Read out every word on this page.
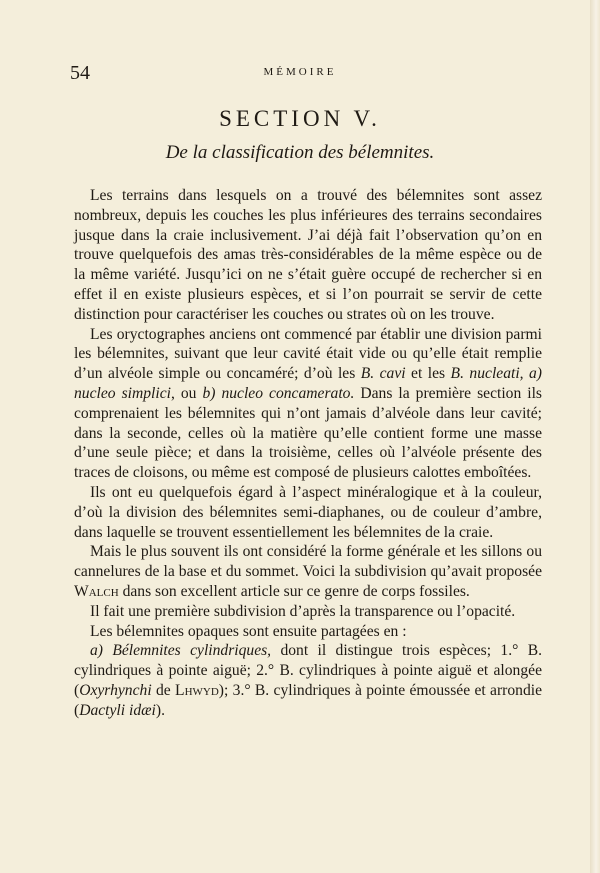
54	MÉMOIRE
SECTION V.
De la classification des bélemnites.

Les terrains dans lesquels on a trouvé des bélemnites sont assez nombreux, depuis les couches les plus inférieures des terrains secondaires jusque dans la craie inclusivement. J’ai déjà fait l’observation qu’on en trouve quelquefois des amas très-considérables de la même espèce ou de la même variété. Jusqu’ici on ne s’était guère occupé de rechercher si en effet il en existe plusieurs espèces, et si l’on pourrait se servir de cette distinction pour caractériser les couches ou strates où on les trouve.

Les oryctographes anciens ont commencé par établir une division parmi les bélemnites, suivant que leur cavité était vide ou qu’elle était remplie d’un alvéole simple ou concaméré; d’où les B. cavi et les B. nucleati, a) nucleo simplici, ou b) nucleo concamerato. Dans la première section ils comprenaient les bélemnites qui n’ont jamais d’alvéole dans leur cavité; dans la seconde, celles où la matière qu’elle contient forme une masse d’une seule pièce; et dans la troisième, celles où l’alvéole présente des traces de cloisons, ou même est composé de plusieurs calottes emboîtées.

Ils ont eu quelquefois égard à l’aspect minéralogique et à la couleur, d’où la division des bélemnites semi-diaphanes, ou de couleur d’ambre, dans laquelle se trouvent essentiellement les bélemnites de la craie.

Mais le plus souvent ils ont considéré la forme générale et les sillons ou cannelures de la base et du sommet. Voici la subdivision qu’avait proposée Walch dans son excellent article sur ce genre de corps fossiles.

Il fait une première subdivision d’après la transparence ou l’opacité.

Les bélemnites opaques sont ensuite partagées en :

a) Bélemnites cylindriques, dont il distingue trois espèces; 1.° B. cylindriques à pointe aiguë; 2.° B. cylindriques à pointe aiguë et alongée (Oxyrhynchi de Lhwyd); 3.° B. cylindriques à pointe émoussée et arrondie (Dactyli idæi).
